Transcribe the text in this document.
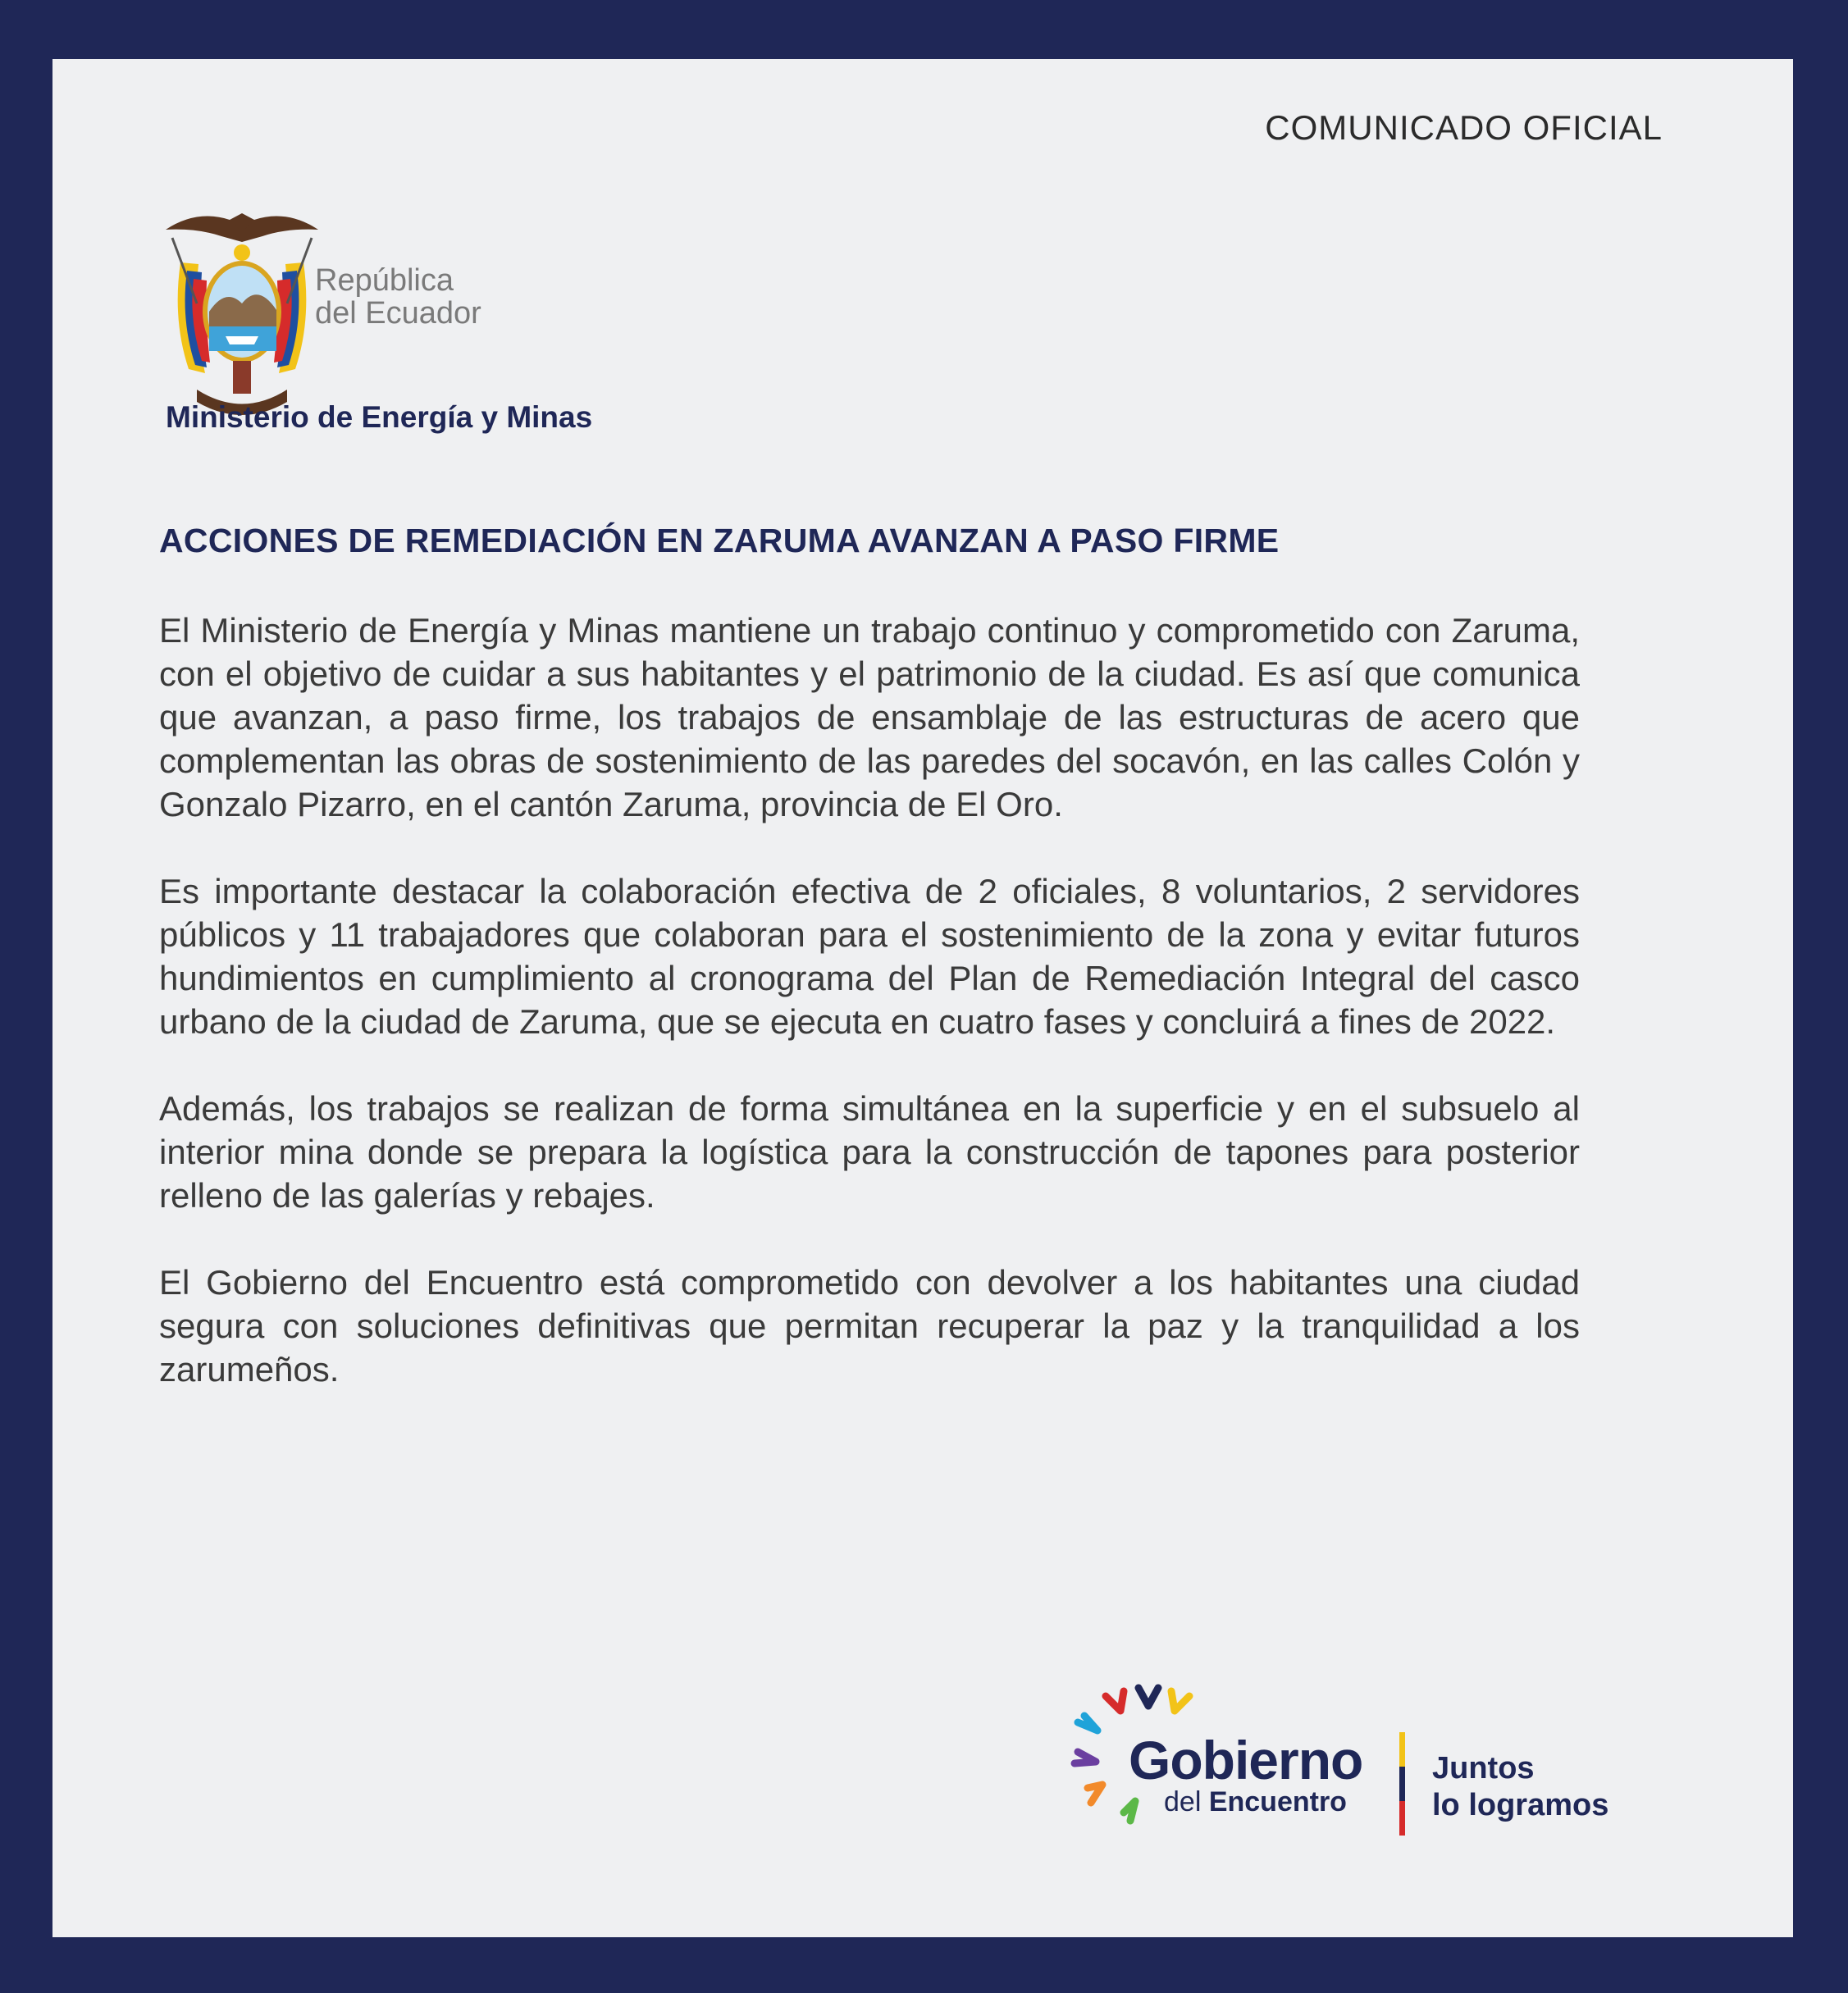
COMUNICADO OFICIAL
República
del Ecuador
Ministerio de Energía y Minas
ACCIONES DE REMEDIACIÓN EN ZARUMA AVANZAN A PASO FIRME

El Ministerio de Energía y Minas mantiene un trabajo continuo y comprometido con Zaruma, con el objetivo de cuidar a sus habitantes y el patrimonio de la ciudad. Es así que comunica que avanzan, a paso firme, los trabajos de ensamblaje de las estructuras de acero que complementan las obras de sostenimiento de las paredes del socavón, en las calles Colón y Gonzalo Pizarro, en el cantón Zaruma, provincia de El Oro.

Es importante destacar la colaboración efectiva de 2 oficiales, 8 voluntarios, 2 servidores públicos y 11 trabajadores que colaboran para el sostenimiento de la zona y evitar futuros hundimientos en cumplimiento al cronograma del Plan de Remediación Integral del casco urbano de la ciudad de Zaruma, que se ejecuta en cuatro fases y concluirá a fines de 2022.

Además, los trabajos se realizan de forma simultánea en la superficie y en el subsuelo al interior mina donde se prepara la logística para la construcción de tapones para posterior relleno de las galerías y rebajes.

El Gobierno del Encuentro está comprometido con devolver a los habitantes una ciudad segura con soluciones definitivas que permitan recuperar la paz y la tranquilidad a los zarumeños.

Gobierno
del Encuentro
Juntos
lo logramos
